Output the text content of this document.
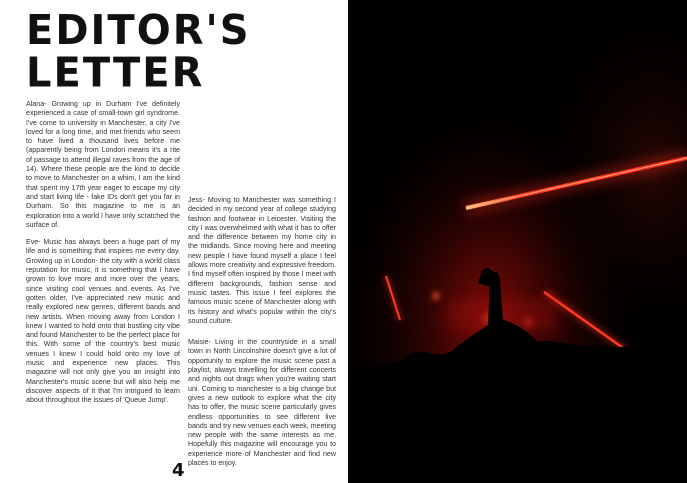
EDITOR'S
LETTER

Alana- Growing up in Durham I've definitely experienced a case of small-town girl syndrome. I've come to university in Manchester, a city I've loved for a long time, and met friends who seem to have lived a thousand lives before me (apparently being from London means it's a rite of passage to attend illegal raves from the age of 14). Where these people are the kind to decide to move to Manchester on a whim, I am the kind that spent my 17th year eager to escape my city and start living life - fake IDs don't get you far in Durham. So this magazine to me is an exploration into a world I have only scratched the surface of.

Eve- Music has always been a huge part of my life and is something that inspires me every day. Growing up in London- the city with a world class reputation for music, it is something that I have grown to love more and more over the years, since visiting cool venues and events. As I've gotten older, I've appreciated new music and really explored new genres, different bands and new artists. When moving away from London I knew I wanted to hold onto that bustling city vibe and found Manchester to be the perfect place for this. With some of the country's best music venues I knew I could hold onto my love of music and experience new places. This magazine will not only give you an insight into Manchester's music scene but will also help me discover aspects of it that I'm intrigued to learn about throughout the issues of 'Queue Jump'.

Jess- Moving to Manchester was something I decided in my second year of college studying fashion and footwear in Leicester. Visiting the city I was overwhelmed with what it has to offer and the difference between my home city in the midlands. Since moving here and meeting new people I have found myself a place I feel allows more creativity and expressive freedom. I find myself often inspired by those I meet with different backgrounds, fashion sense and music tastes. This issue I feel explores the famous music scene of Manchester along with its history and what's popular within the city's sound culture.

Maisie- Living in the countryside in a small town in North Lincolnshire doesn't give a lot of opportunity to explore the music scene past a playlist, always travelling for different concerts and nights out drags when you're waiting start uni. Coming to manchester is a big change but gives a new outlook to explore what the city has to offer, the music scene particularly gives endless opportunities to see different live bands and try new venues each week, meeting new people with the same interests as me. Hopefully this magazine will encourage you to experience more of Manchester and find new places to enjoy.

4
